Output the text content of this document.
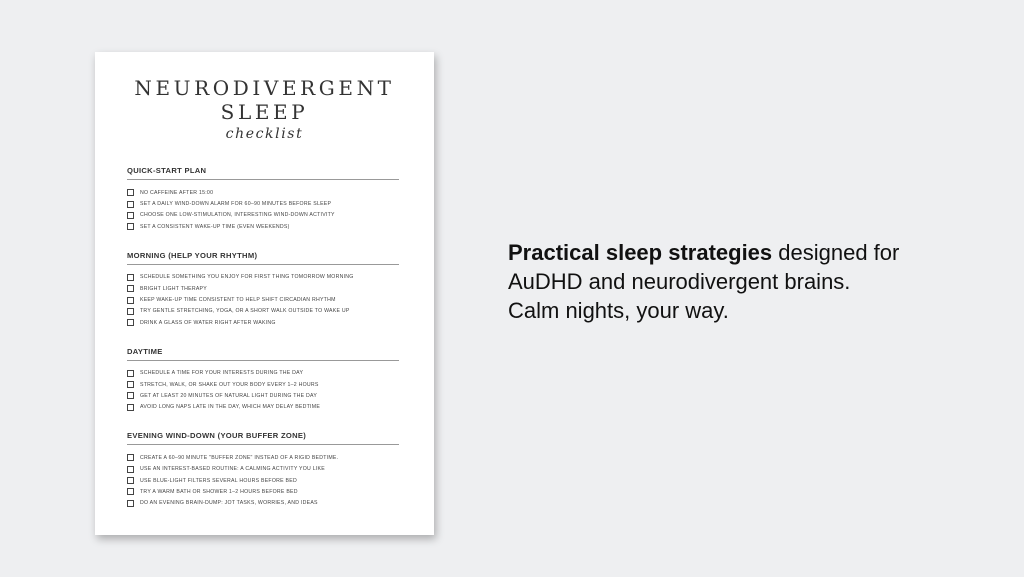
NEURODIVERGENT
SLEEP
checklist
QUICK-START PLAN
NO CAFFEINE AFTER 15:00
SET A DAILY WIND-DOWN ALARM FOR 60–90 MINUTES BEFORE SLEEP
CHOOSE ONE LOW-STIMULATION, INTERESTING WIND-DOWN ACTIVITY
SET A CONSISTENT WAKE-UP TIME (EVEN WEEKENDS)
MORNING (HELP YOUR RHYTHM)
SCHEDULE SOMETHING YOU ENJOY FOR FIRST THING TOMORROW MORNING
BRIGHT LIGHT THERAPY
KEEP WAKE-UP TIME CONSISTENT TO HELP SHIFT CIRCADIAN RHYTHM
TRY GENTLE STRETCHING, YOGA, OR A SHORT WALK OUTSIDE TO WAKE UP
DRINK A GLASS OF WATER RIGHT AFTER WAKING
DAYTIME
SCHEDULE A TIME FOR YOUR INTERESTS DURING THE DAY
STRETCH, WALK, OR SHAKE OUT YOUR BODY EVERY 1–2 HOURS
GET AT LEAST 20 MINUTES OF NATURAL LIGHT DURING THE DAY
AVOID LONG NAPS LATE IN THE DAY, WHICH MAY DELAY BEDTIME
EVENING WIND-DOWN (YOUR BUFFER ZONE)
CREATE A 60–90 MINUTE "BUFFER ZONE" INSTEAD OF A RIGID BEDTIME.
USE AN INTEREST-BASED ROUTINE: A CALMING ACTIVITY YOU LIKE
USE BLUE-LIGHT FILTERS SEVERAL HOURS BEFORE BED
TRY A WARM BATH OR SHOWER 1–2 HOURS BEFORE BED
DO AN EVENING BRAIN-DUMP: JOT TASKS, WORRIES, AND IDEAS
Practical sleep strategies designed for
AuDHD and neurodivergent brains.
Calm nights, your way.
